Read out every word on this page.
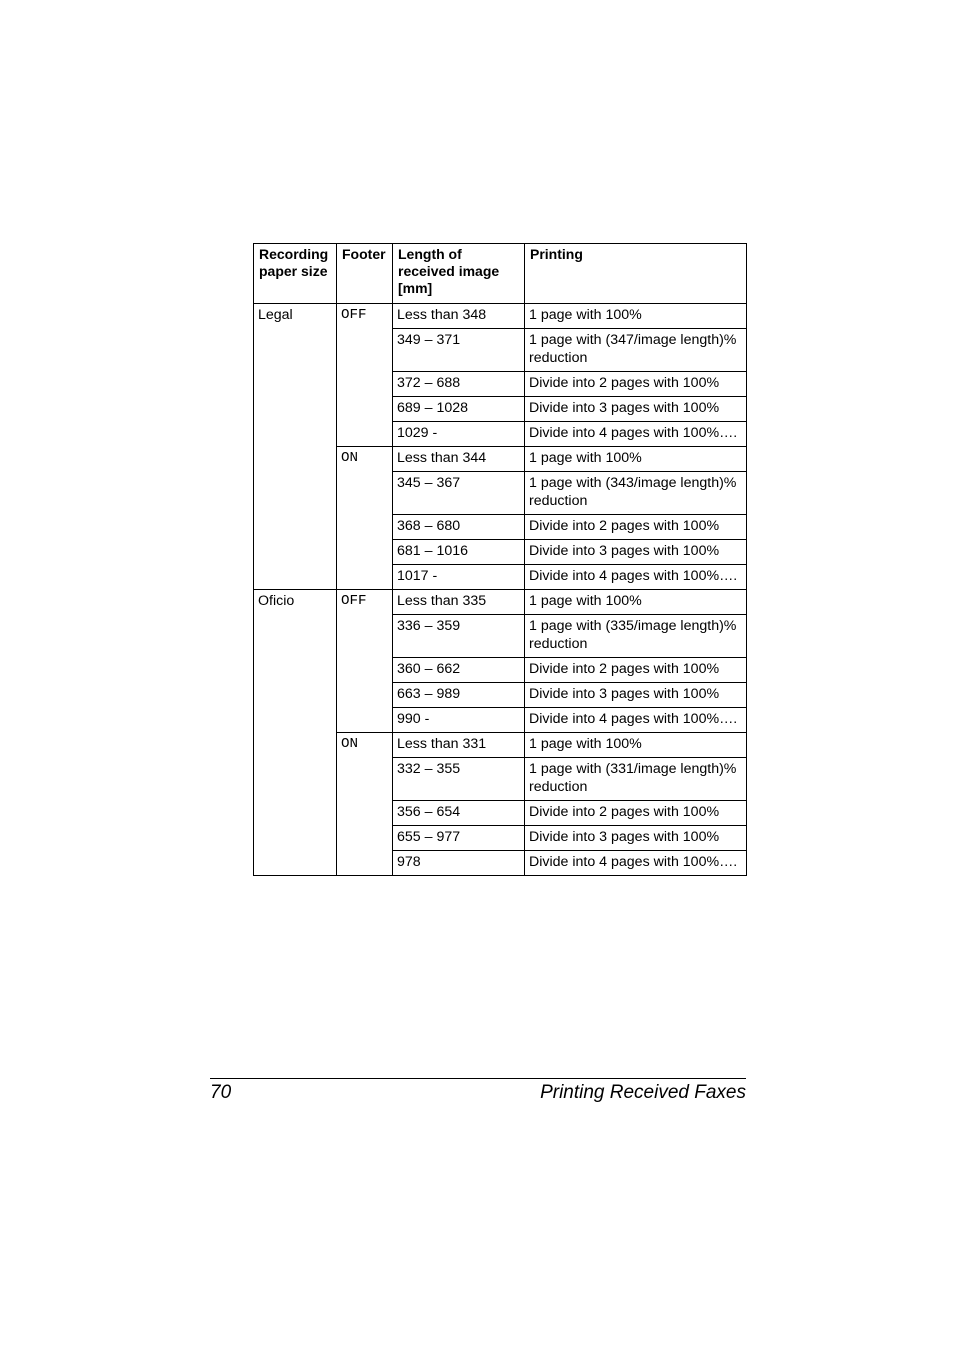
Recording paper size	Footer	Length of received image [mm]	Printing
Legal	OFF	Less than 348	1 page with 100%
		349 – 371	1 page with (347/image length)% reduction
		372 – 688	Divide into 2 pages with 100%
		689 – 1028	Divide into 3 pages with 100%
		1029 -	Divide into 4 pages with 100%….
	ON	Less than 344	1 page with 100%
		345 – 367	1 page with (343/image length)% reduction
		368 – 680	Divide into 2 pages with 100%
		681 – 1016	Divide into 3 pages with 100%
		1017 -	Divide into 4 pages with 100%….
Oficio	OFF	Less than 335	1 page with 100%
		336 – 359	1 page with (335/image length)% reduction
		360 – 662	Divide into 2 pages with 100%
		663 – 989	Divide into 3 pages with 100%
		990 -	Divide into 4 pages with 100%….
	ON	Less than 331	1 page with 100%
		332 – 355	1 page with (331/image length)% reduction
		356 – 654	Divide into 2 pages with 100%
		655 – 977	Divide into 3 pages with 100%
		978	Divide into 4 pages with 100%….
70	Printing Received Faxes
